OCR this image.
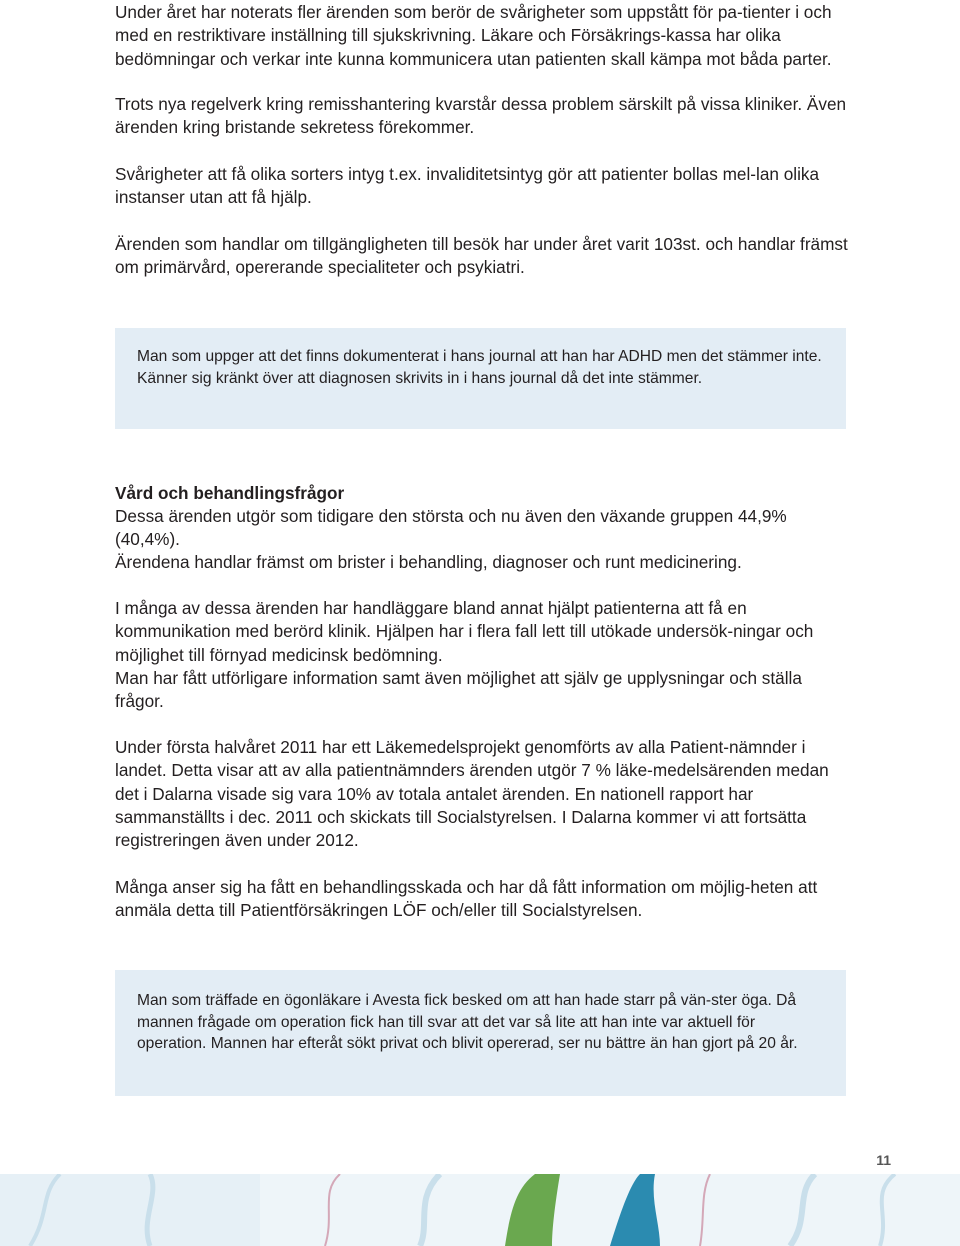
Under året har noterats fler ärenden som berör de svårigheter som uppstått för pa-tienter i och med en restriktivare inställning till sjukskrivning. Läkare och Försäkrings-kassa har olika bedömningar och verkar inte kunna kommunicera utan patienten skall kämpa mot båda parter.

Trots nya regelverk kring remisshantering kvarstår dessa problem särskilt på vissa kliniker. Även ärenden kring bristande sekretess förekommer.

Svårigheter att få olika sorters intyg t.ex. invaliditetsintyg gör att patienter bollas mel-lan olika instanser utan att få hjälp.

Ärenden som handlar om tillgängligheten till besök har under året varit 103st. och handlar främst om primärvård, opererande specialiteter och psykiatri.

Man som uppger att det finns dokumenterat i hans journal att han har ADHD men det stämmer inte. Känner sig kränkt över att diagnosen skrivits in i hans journal då det inte stämmer.

Vård och behandlingsfrågor

Dessa ärenden utgör som tidigare den största och nu även den växande gruppen 44,9% (40,4%).

Ärendena handlar främst om brister i behandling, diagnoser och runt medicinering.

I många av dessa ärenden har handläggare bland annat hjälpt patienterna att få en kommunikation med berörd klinik. Hjälpen har i flera fall lett till utökade undersök-ningar och möjlighet till förnyad medicinsk bedömning.

Man har fått utförligare information samt även möjlighet att själv ge upplysningar och ställa frågor.

Under första halvåret 2011 har ett Läkemedelsprojekt genomförts av alla Patient-nämnder i landet. Detta visar att av alla patientnämnders ärenden utgör 7 % läke-medelsärenden medan det i Dalarna visade sig vara 10% av totala antalet ärenden. En nationell rapport har sammanställts i dec. 2011 och skickats till Socialstyrelsen. I Dalarna kommer vi att fortsätta registreringen även under 2012.

Många anser sig ha fått en behandlingsskada och har då fått information om möjlig-heten att anmäla detta till Patientförsäkringen LÖF och/eller till Socialstyrelsen.

Man som träffade en ögonläkare i Avesta fick besked om att han hade starr på vän-ster öga. Då mannen frågade om operation fick han till svar att det var så lite att han inte var aktuell för operation. Mannen har efteråt sökt privat och blivit opererad, ser nu bättre än han gjort på 20 år.

11
